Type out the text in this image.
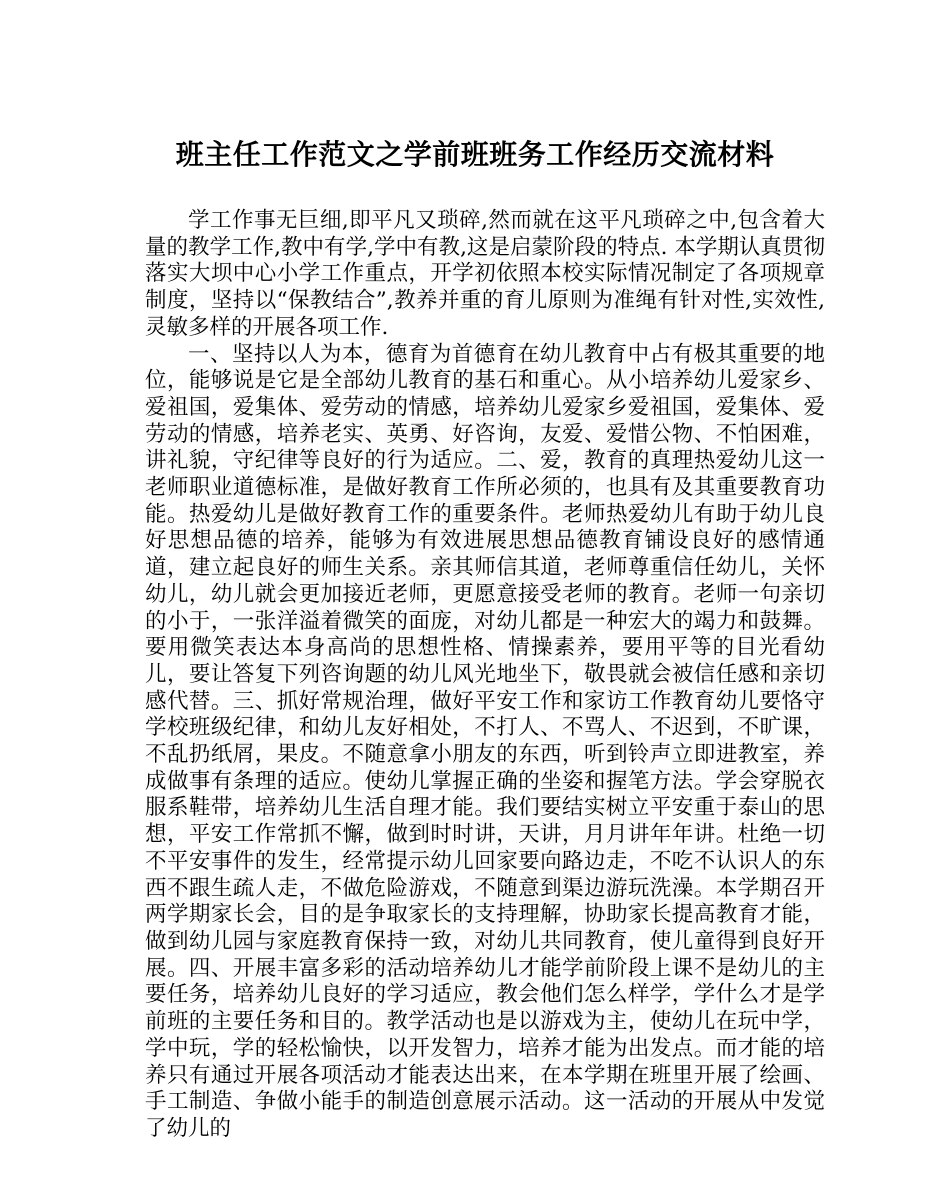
班主任工作范文之学前班班务工作经历交流材料

学工作事无巨细,即平凡又琐碎,然而就在这平凡琐碎之中,包含着大量的教学工作,教中有学,学中有教,这是启蒙阶段的特点. 本学期认真贯彻落实大坝中心小学工作重点，开学初依照本校实际情况制定了各项规章制度，坚持以“保教结合”,教养并重的育儿原则为准绳有针对性,实效性,灵敏多样的开展各项工作.

一、坚持以人为本，德育为首德育在幼儿教育中占有极其重要的地位，能够说是它是全部幼儿教育的基石和重心。从小培养幼儿爱家乡、爱祖国，爱集体、爱劳动的情感，培养幼儿爱家乡爱祖国，爱集体、爱劳动的情感，培养老实、英勇、好咨询，友爱、爱惜公物、不怕困难，讲礼貌，守纪律等良好的行为适应。二、爱，教育的真理热爱幼儿这一老师职业道德标准，是做好教育工作所必须的，也具有及其重要教育功能。热爱幼儿是做好教育工作的重要条件。老师热爱幼儿有助于幼儿良好思想品德的培养，能够为有效进展思想品德教育铺设良好的感情通道，建立起良好的师生关系。亲其师信其道，老师尊重信任幼儿，关怀幼儿，幼儿就会更加接近老师，更愿意接受老师的教育。老师一句亲切的小于，一张洋溢着微笑的面庞，对幼儿都是一种宏大的竭力和鼓舞。要用微笑表达本身高尚的思想性格、情操素养，要用平等的目光看幼儿，要让答复下列咨询题的幼儿风光地坐下，敬畏就会被信任感和亲切感代替。三、抓好常规治理，做好平安工作和家访工作教育幼儿要恪守学校班级纪律，和幼儿友好相处，不打人、不骂人、不迟到，不旷课，不乱扔纸屑，果皮。不随意拿小朋友的东西，听到铃声立即进教室，养成做事有条理的适应。使幼儿掌握正确的坐姿和握笔方法。学会穿脱衣服系鞋带，培养幼儿生活自理才能。我们要结实树立平安重于泰山的思想，平安工作常抓不懈，做到时时讲，天讲，月月讲年年讲。杜绝一切不平安事件的发生，经常提示幼儿回家要向路边走，不吃不认识人的东西不跟生疏人走，不做危险游戏，不随意到渠边游玩洗澡。本学期召开两学期家长会，目的是争取家长的支持理解，协助家长提高教育才能，做到幼儿园与家庭教育保持一致，对幼儿共同教育，使儿童得到良好开展。四、开展丰富多彩的活动培养幼儿才能学前阶段上课不是幼儿的主要任务，培养幼儿良好的学习适应，教会他们怎么样学，学什么才是学前班的主要任务和目的。教学活动也是以游戏为主，使幼儿在玩中学，学中玩，学的轻松愉快，以开发智力，培养才能为出发点。而才能的培养只有通过开展各项活动才能表达出来，在本学期在班里开展了绘画、手工制造、争做小能手的制造创意展示活动。这一活动的开展从中发觉了幼儿的
